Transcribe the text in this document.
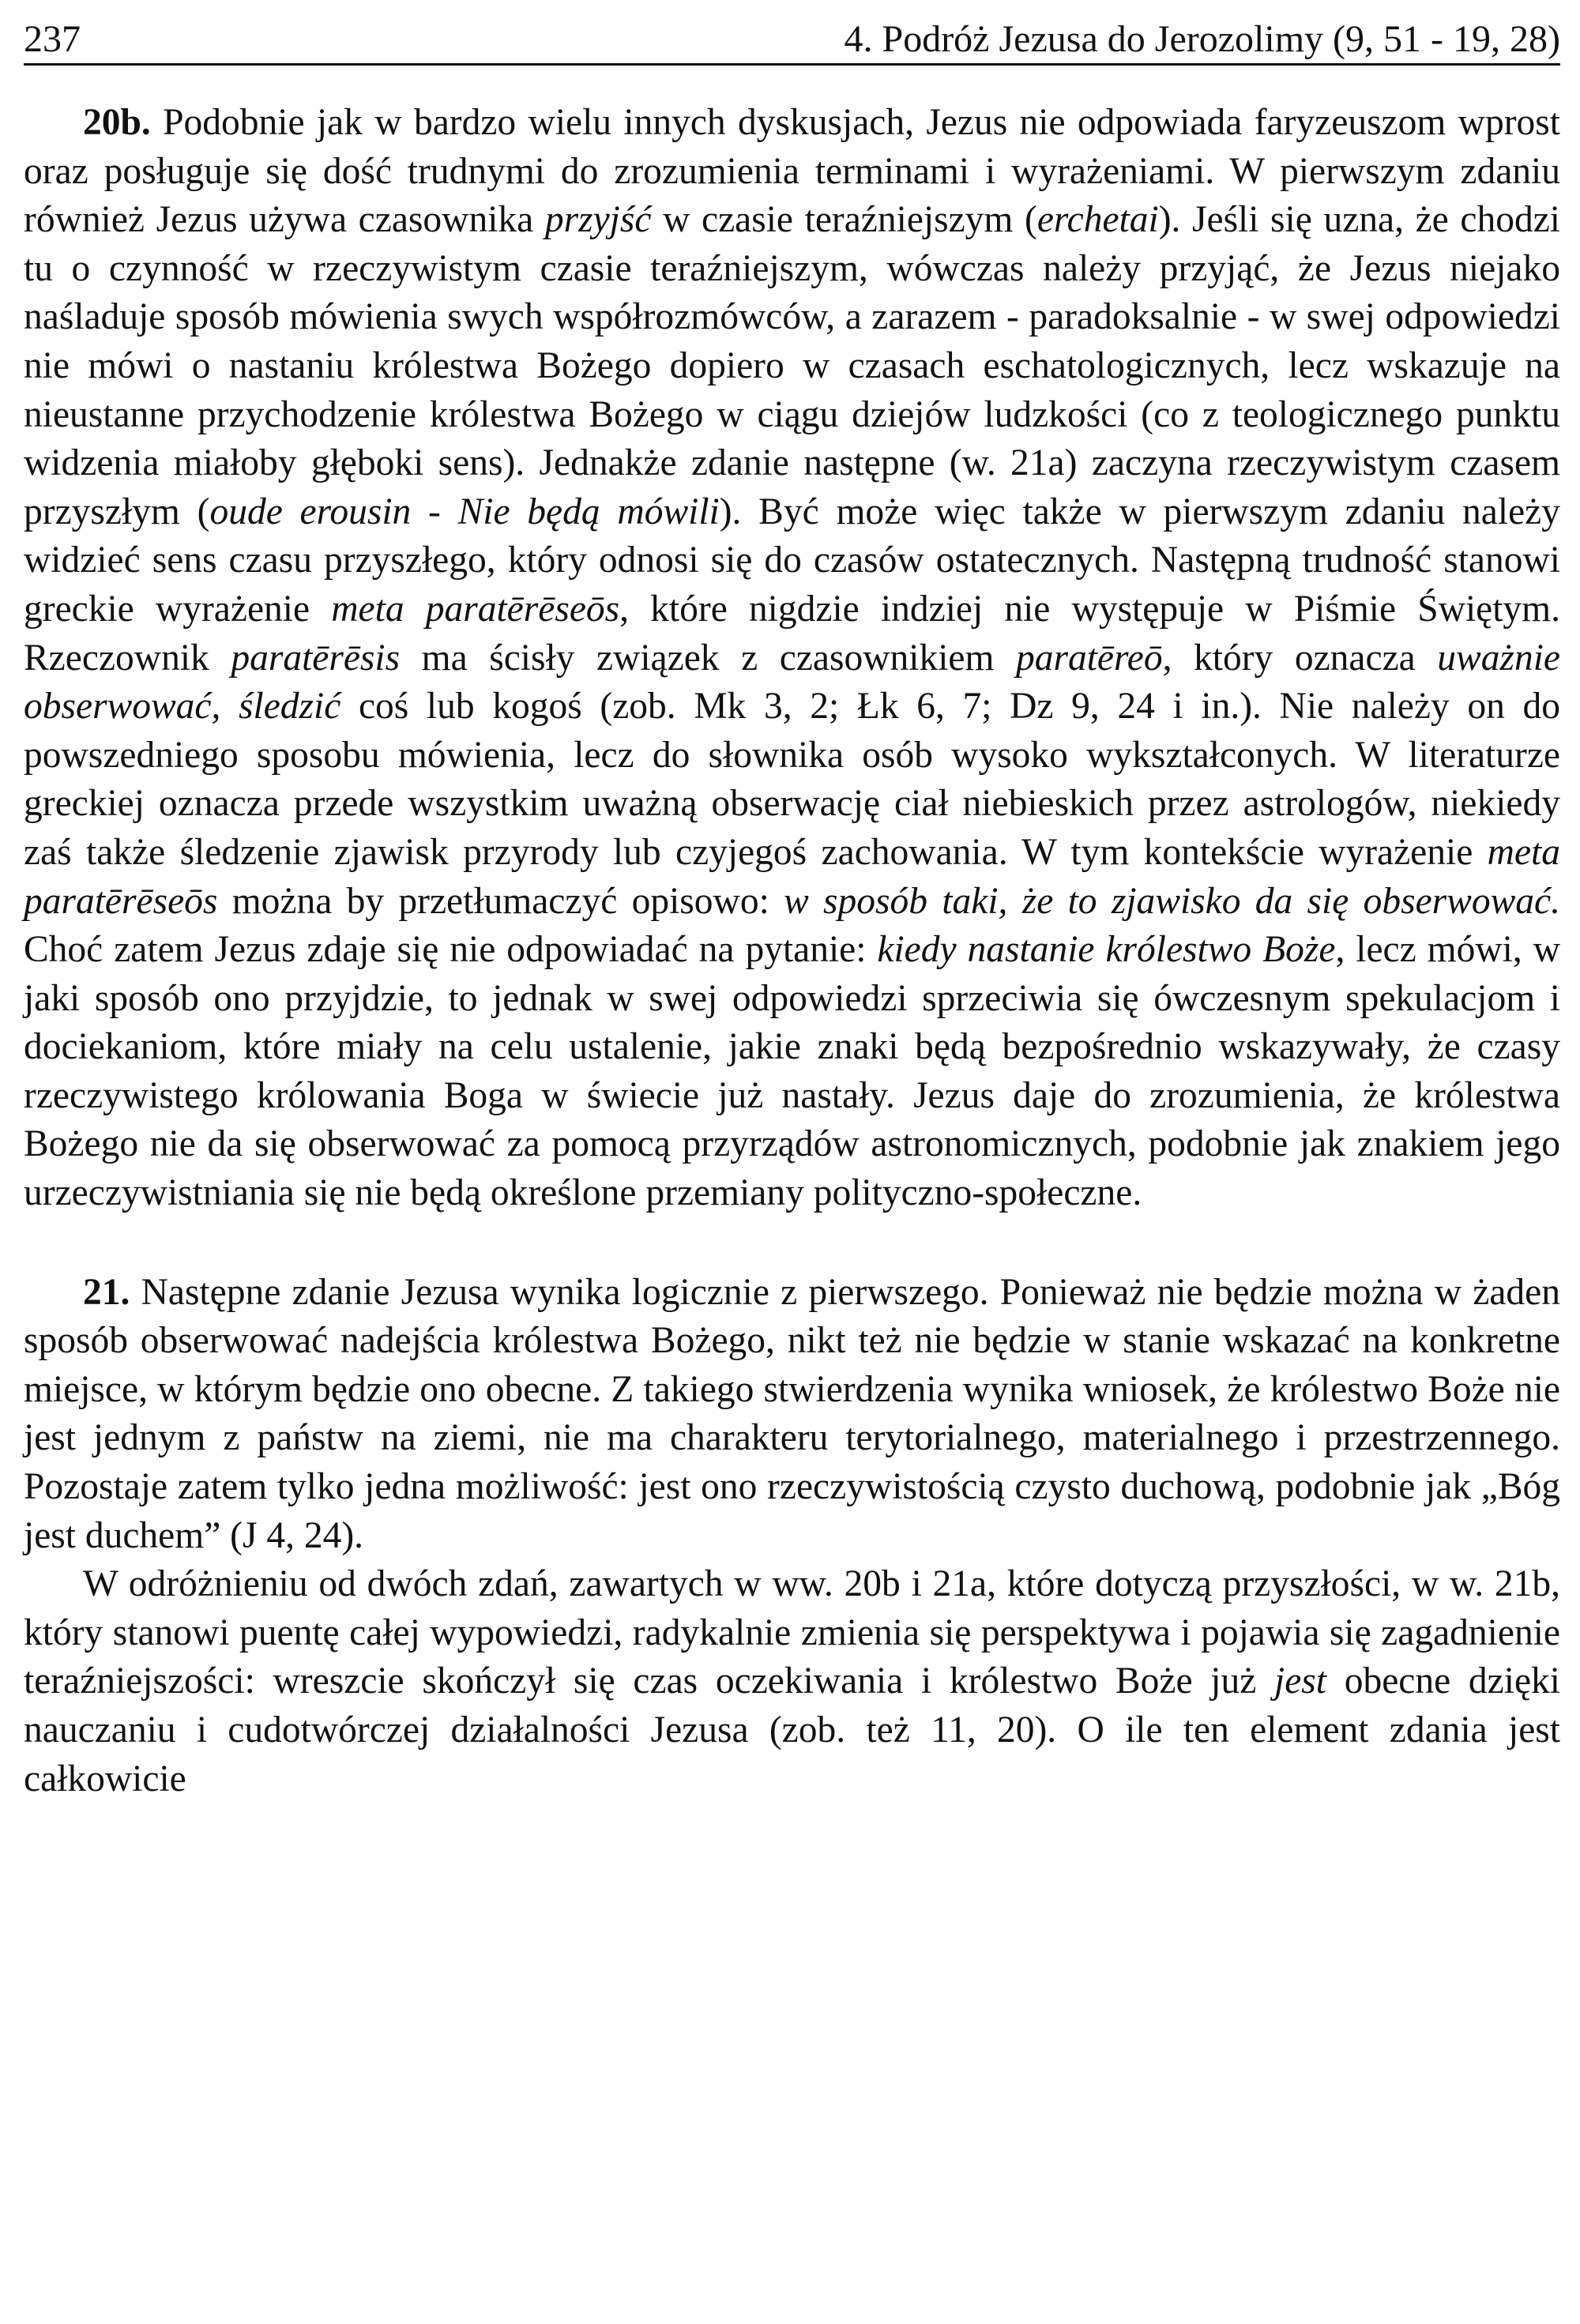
237	4. Podróż Jezusa do Jerozolimy (9, 51 - 19, 28)

20b. Podobnie jak w bardzo wielu innych dyskusjach, Jezus nie odpowiada faryzeuszom wprost oraz posługuje się dość trudnymi do zrozumienia terminami i wyrażeniami. W pierwszym zdaniu również Jezus używa czasownika przyjść w czasie teraźniejszym (erchetai). Jeśli się uzna, że chodzi tu o czynność w rzeczywistym czasie teraźniejszym, wówczas należy przyjąć, że Jezus niejako naśladuje sposób mówienia swych współrozmówców, a zarazem - paradoksalnie - w swej odpowiedzi nie mówi o nastaniu królestwa Bożego dopiero w czasach eschatologicznych, lecz wskazuje na nieustanne przychodzenie królestwa Bożego w ciągu dziejów ludzkości (co z teologicznego punktu widzenia miałoby głęboki sens). Jednakże zdanie następne (w. 21a) zaczyna rzeczywistym czasem przyszłym (oude erousin - Nie będą mówili). Być może więc także w pierwszym zdaniu należy widzieć sens czasu przyszłego, który odnosi się do czasów ostatecznych. Następną trudność stanowi greckie wyrażenie meta paratērēseōs, które nigdzie indziej nie występuje w Piśmie Świętym. Rzeczownik paratērēsis ma ścisły związek z czasownikiem paratēreō, który oznacza uważnie obserwować, śledzić coś lub kogoś (zob. Mk 3, 2; Łk 6, 7; Dz 9, 24 i in.). Nie należy on do powszedniego sposobu mówienia, lecz do słownika osób wysoko wykształconych. W literaturze greckiej oznacza przede wszystkim uważną obserwację ciał niebieskich przez astrologów, niekiedy zaś także śledzenie zjawisk przyrody lub czyjegoś zachowania. W tym kontekście wyrażenie meta paratērēseōs można by przetłumaczyć opisowo: w sposób taki, że to zjawisko da się obserwować. Choć zatem Jezus zdaje się nie odpowiadać na pytanie: kiedy nastanie królestwo Boże, lecz mówi, w jaki sposób ono przyjdzie, to jednak w swej odpowiedzi sprzeciwia się ówczesnym spekulacjom i dociekaniom, które miały na celu ustalenie, jakie znaki będą bezpośrednio wskazywały, że czasy rzeczywistego królowania Boga w świecie już nastały. Jezus daje do zrozumienia, że królestwa Bożego nie da się obserwować za pomocą przyrządów astronomicznych, podobnie jak znakiem jego urzeczywistniania się nie będą określone przemiany polityczno-społeczne.

21. Następne zdanie Jezusa wynika logicznie z pierwszego. Ponieważ nie będzie można w żaden sposób obserwować nadejścia królestwa Bożego, nikt też nie będzie w stanie wskazać na konkretne miejsce, w którym będzie ono obecne. Z takiego stwierdzenia wynika wniosek, że królestwo Boże nie jest jednym z państw na ziemi, nie ma charakteru terytorialnego, materialnego i przestrzennego. Pozostaje zatem tylko jedna możliwość: jest ono rzeczywistością czysto duchową, podobnie jak „Bóg jest duchem” (J 4, 24).

W odróżnieniu od dwóch zdań, zawartych w ww. 20b i 21a, które dotyczą przyszłości, w w. 21b, który stanowi puentę całej wypowiedzi, radykalnie zmienia się perspektywa i pojawia się zagadnienie teraźniejszości: wreszcie skończył się czas oczekiwania i królestwo Boże już jest obecne dzięki nauczaniu i cudotwórczej działalności Jezusa (zob. też 11, 20). O ile ten element zdania jest całkowicie
